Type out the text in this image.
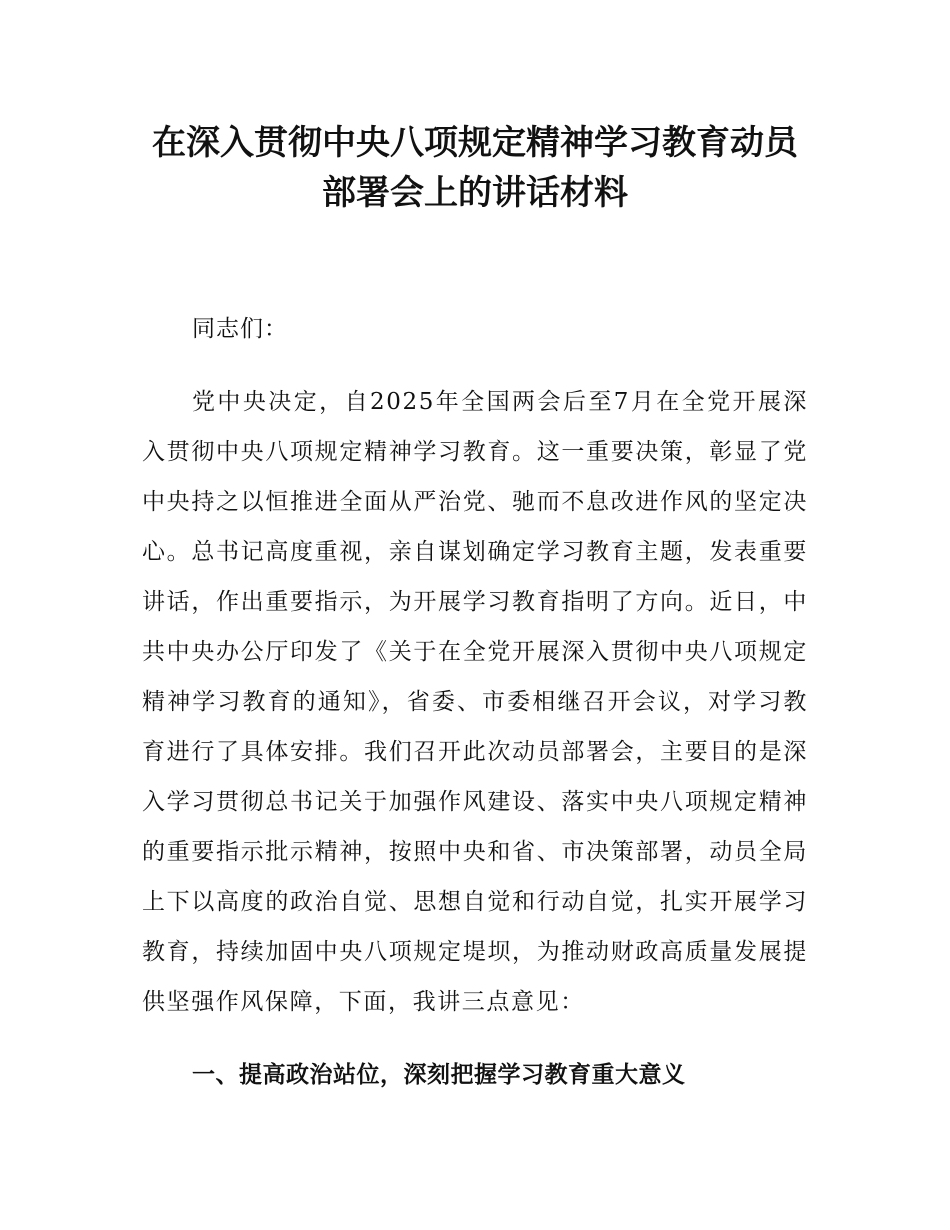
在深入贯彻中央八项规定精神学习教育动员
部署会上的讲话材料

同志们：

党中央决定，自2025年全国两会后至7月在全党开展深入贯彻中央八项规定精神学习教育。这一重要决策，彰显了党中央持之以恒推进全面从严治党、驰而不息改进作风的坚定决心。总书记高度重视，亲自谋划确定学习教育主题，发表重要讲话，作出重要指示，为开展学习教育指明了方向。近日，中共中央办公厅印发了《关于在全党开展深入贯彻中央八项规定精神学习教育的通知》，省委、市委相继召开会议，对学习教育进行了具体安排。我们召开此次动员部署会，主要目的是深入学习贯彻总书记关于加强作风建设、落实中央八项规定精神的重要指示批示精神，按照中央和省、市决策部署，动员全局上下以高度的政治自觉、思想自觉和行动自觉，扎实开展学习教育，持续加固中央八项规定堤坝，为推动财政高质量发展提供坚强作风保障，下面，我讲三点意见：

一、提高政治站位，深刻把握学习教育重大意义
